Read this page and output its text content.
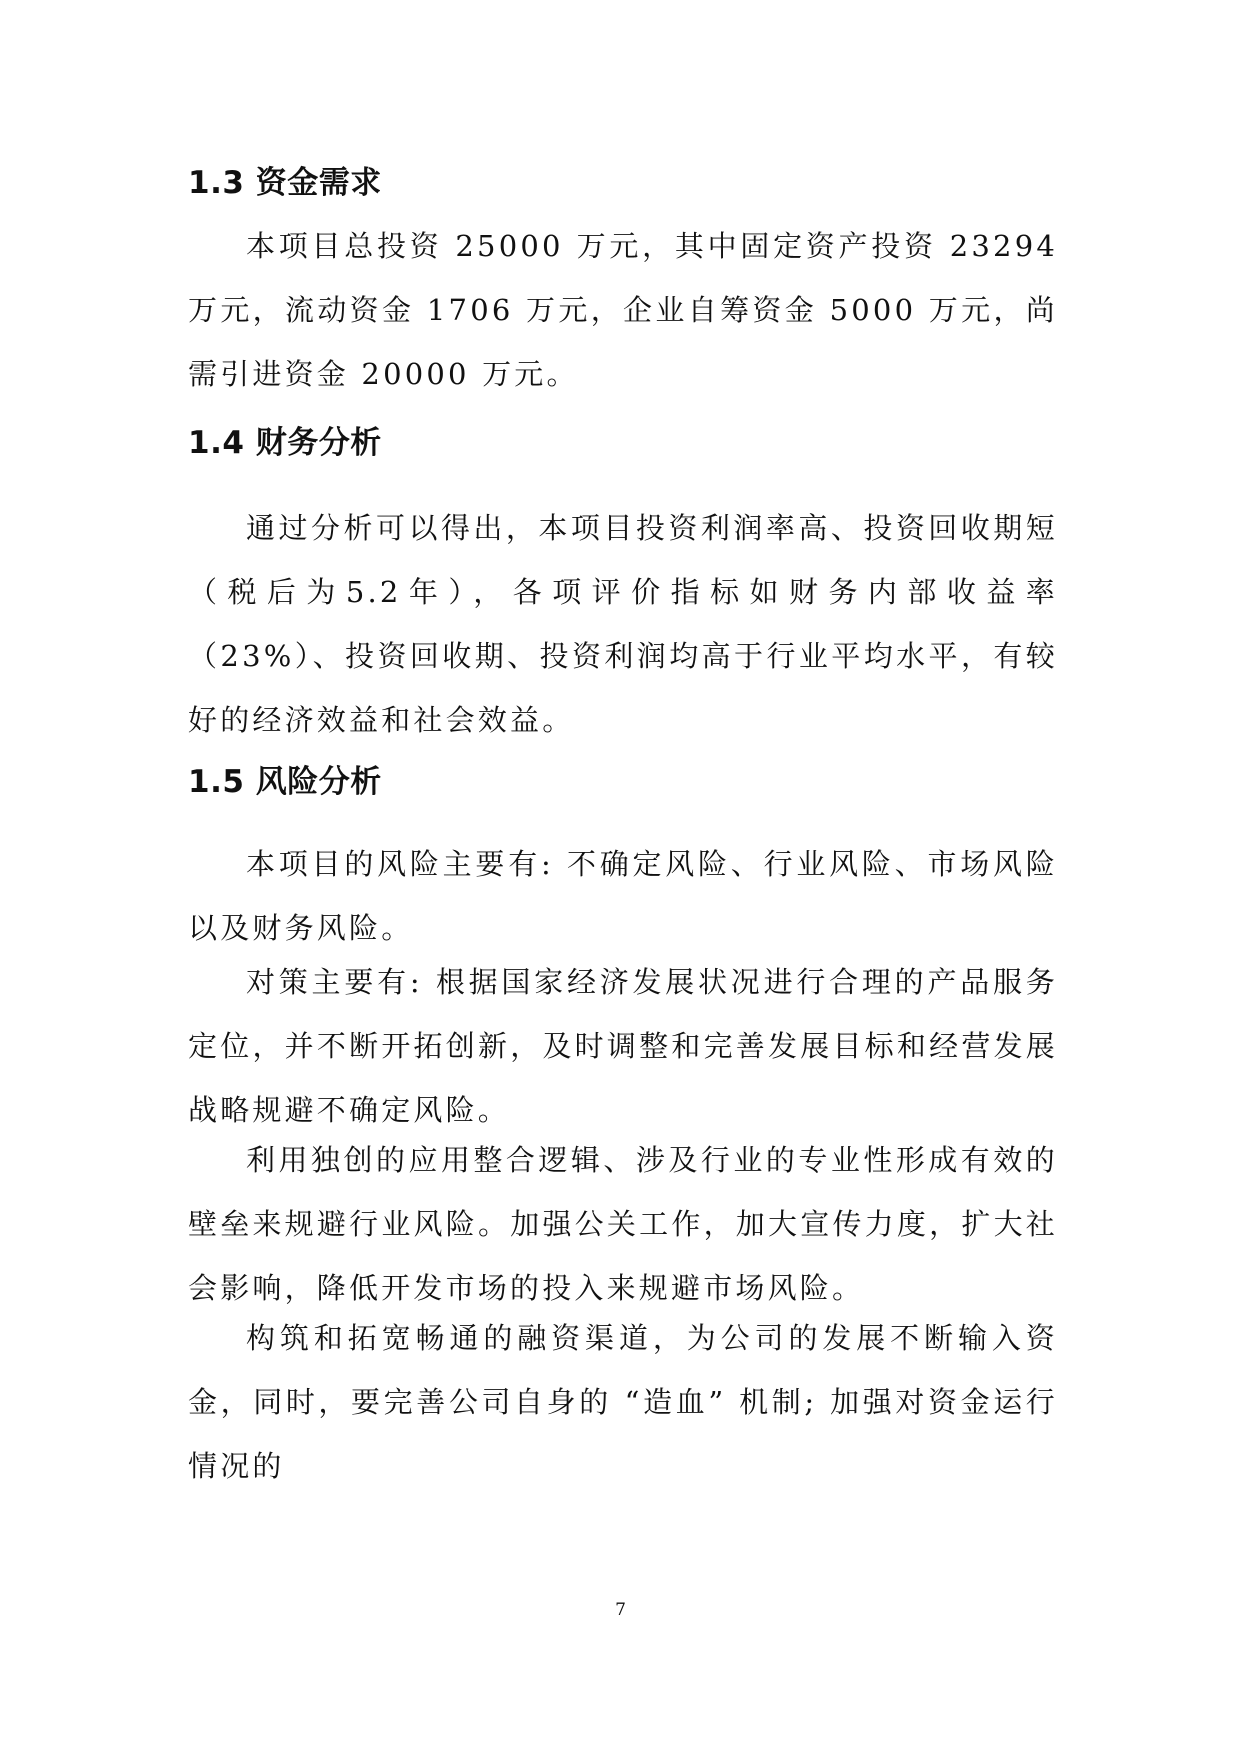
1.3 资金需求

本项目总投资 25000 万元，其中固定资产投资 23294 万元，流动资金 1706 万元，企业自筹资金 5000 万元，尚需引进资金 20000 万元。

1.4 财务分析

通过分析可以得出，本项目投资利润率高、投资回收期短（税后为5.2年），各项评价指标如财务内部收益率（23%）、投资回收期、投资利润均高于行业平均水平，有较好的经济效益和社会效益。

1.5 风险分析

本项目的风险主要有: 不确定风险、行业风险、市场风险以及财务风险。

对策主要有: 根据国家经济发展状况进行合理的产品服务定位，并不断开拓创新，及时调整和完善发展目标和经营发展战略规避不确定风险。

利用独创的应用整合逻辑、涉及行业的专业性形成有效的壁垒来规避行业风险。加强公关工作，加大宣传力度，扩大社会影响，降低开发市场的投入来规避市场风险。

构筑和拓宽畅通的融资渠道，为公司的发展不断输入资金，同时，要完善公司自身的 “造血” 机制; 加强对资金运行情况的

7
